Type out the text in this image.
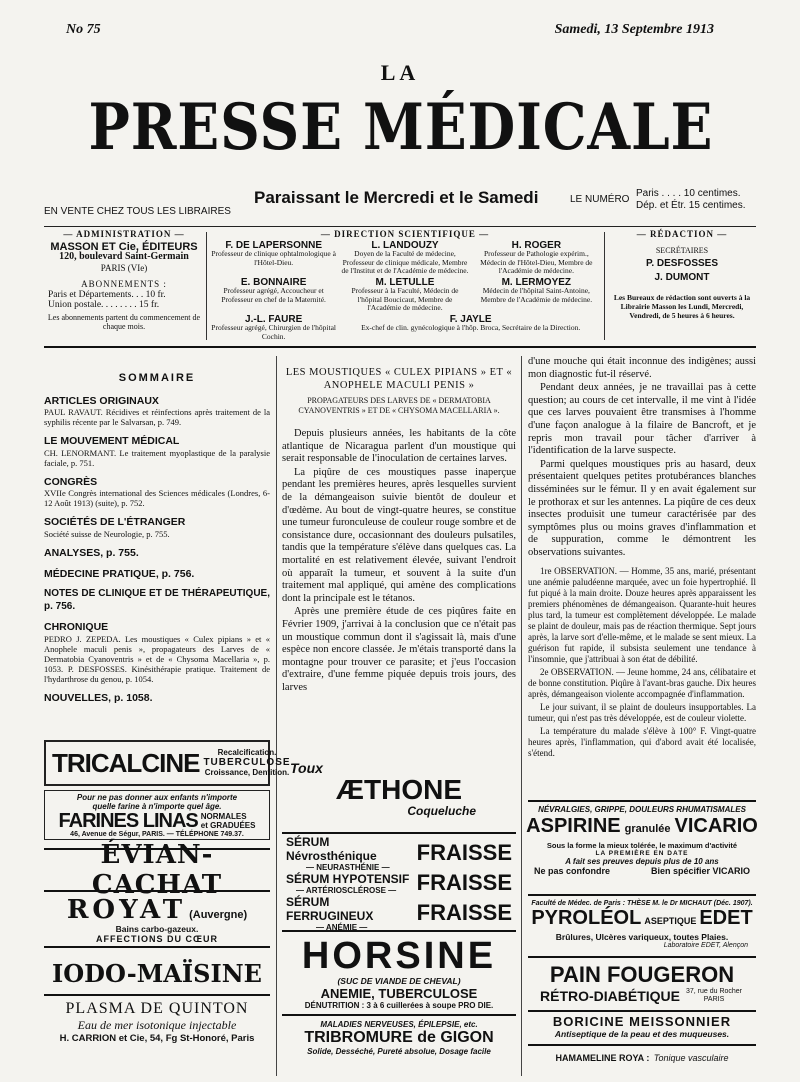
No 75	Samedi, 13 Septembre 1913
LA
PRESSE MÉDICALE
Paraissant le Mercredi et le Samedi
EN VENTE CHEZ TOUS LES LIBRAIRES
LE NUMÉRO
Paris . . . . 10 centimes.
Dép. et Étr. 15 centimes.
— ADMINISTRATION —
MASSON ET Cie, ÉDITEURS
120, boulevard Saint-Germain
PARIS (VIe)
ABONNEMENTS :
Paris et Départements. . . 10 fr.
Union postale. . . . . . . . 15 fr.
Les abonnements partent du commencement de chaque mois.
— DIRECTION SCIENTIFIQUE —
F. DE LAPERSONNE
Professeur de clinique ophtalmologique à l'Hôtel-Dieu.
L. LANDOUZY
Doyen de la Faculté de médecine, Professeur de clinique médicale, Membre de l'Institut et de l'Académie de médecine.
H. ROGER
Professeur de Pathologie expérim., Médecin de l'Hôtel-Dieu, Membre de l'Académie de médecine.
E. BONNAIRE
Professeur agrégé, Accoucheur et Professeur en chef de la Maternité.
M. LETULLE
Professeur à la Faculté, Médecin de l'hôpital Boucicaut, Membre de l'Académie de médecine.
M. LERMOYEZ
Médecin de l'hôpital Saint-Antoine, Membre de l'Académie de médecine.
J.-L. FAURE
Professeur agrégé, Chirurgien de l'hôpital Cochin.
F. JAYLE
Ex-chef de clin. gynécologique à l'hôp. Broca, Secrétaire de la Direction.
— RÉDACTION —
SECRÉTAIRES
P. DESFOSSES
J. DUMONT
Les Bureaux de rédaction sont ouverts à la Librairie Masson les Lundi, Mercredi, Vendredi, de 5 heures à 6 heures.
SOMMAIRE
ARTICLES ORIGINAUX
PAUL RAVAUT. Récidives et réinfections après traitement de la syphilis récente par le Salvarsan, p. 749.
LE MOUVEMENT MÉDICAL
CH. LENORMANT. Le traitement myoplastique de la paralysie faciale, p. 751.
CONGRÈS
XVIIe Congrès international des Sciences médicales (Londres, 6-12 Août 1913) (suite), p. 752.
SOCIÉTÉS DE L'ÉTRANGER
Société suisse de Neurologie, p. 755.
ANALYSES, p. 755.
MÉDECINE PRATIQUE, p. 756.
NOTES DE CLINIQUE ET DE THÉRAPEUTIQUE, p. 756.
CHRONIQUE
PEDRO J. ZEPEDA. Les moustiques « Culex pipians » et « Anophele maculi penis », propagateurs des Larves de « Dermatobia Cyanoventris » et de « Chysoma Macellaria », p. 1053. P. DESFOSSES. Kinésithérapie pratique. Traitement de l'hydarthrose du genou, p. 1054.
NOUVELLES, p. 1058.
LES MOUSTIQUES « CULEX PIPIANS » ET « ANOPHELE MACULI PENIS »
PROPAGATEURS DES LARVES DE « DERMATOBIA CYANOVENTRIS » ET DE « CHYSOMA MACELLARIA ».

Depuis plusieurs années, les habitants de la côte atlantique de Nicaragua parlent d'un moustique qui serait responsable de l'inoculation de certaines larves.

La piqûre de ces moustiques passe inaperçue pendant les premières heures, après lesquelles survient de la démangeaison suivie bientôt de douleur et d'œdème. Au bout de vingt-quatre heures, se constitue une tumeur furonculeuse de couleur rouge sombre et de consistance dure, occasionnant des douleurs pulsatiles, tandis que la température s'élève dans quelques cas. La mortalité en est relativement élevée, suivant l'endroit où apparaît la tumeur, et souvent à la suite d'un traitement mal appliqué, qui amène des complications dont la principale est le tétanos.

Après une première étude de ces piqûres faite en Février 1909, j'arrivai à la conclusion que ce n'était pas un moustique commun dont il s'agissait là, mais d'une espèce non encore classée. Je m'étais transporté dans la montagne pour trouver ce parasite; et j'eus l'occasion d'extraire, d'une femme piquée depuis trois jours, des larves

d'une mouche qui était inconnue des indigènes; aussi mon diagnostic fut-il réservé.

Pendant deux années, je ne travaillai pas à cette question; au cours de cet intervalle, il me vint à l'idée que ces larves pouvaient être transmises à l'homme d'une façon analogue à la filaire de Bancroft, et je repris mon travail pour tâcher d'arriver à l'identification de la larve suspecte.

Parmi quelques moustiques pris au hasard, deux présentaient quelques petites protubérances blanches disséminées sur le fémur. Il y en avait également sur le prothorax et sur les antennes. La piqûre de ces deux insectes produisit une tumeur caractérisée par des symptômes plus ou moins graves d'inflammation et de suppuration, comme le démontrent les observations suivantes.

1re OBSERVATION. — Homme, 35 ans, marié, présentant une anémie paludéenne marquée, avec un foie hypertrophié. Il fut piqué à la main droite. Douze heures après apparaissent les premiers phénomènes de démangeaison. Quarante-huit heures plus tard, la tumeur est complètement développée. Le malade se plaint de douleur, mais pas de réaction thermique. Sept jours après, la larve sort d'elle-même, et le malade se sent mieux. La guérison fut rapide, il subsista seulement une tendance à l'insomnie, que j'attribuai à son état de débilité.

2e OBSERVATION. — Jeune homme, 24 ans, célibataire et de bonne constitution. Piqûre à l'avant-bras gauche. Dix heures après, démangeaison violente accompagnée d'inflammation.

Le jour suivant, il se plaint de douleurs insupportables. La tumeur, qui n'est pas très développée, est de couleur violette.

La température du malade s'élève à 100° F. Vingt-quatre heures après, l'inflammation, qui d'abord avait été localisée, s'étend.

TRICALCINE	Recalcification.
TUBERCULOSE
Croissance, Dentition.
Pour ne pas donner aux enfants n'importe
quelle farine à n'importe quel âge.
FARINES LINAS NORMALES
et GRADUÉES
46, Avenue de Ségur, PARIS. — TÉLÉPHONE 749.37.
ÉVIAN-CACHAT
ROYAT (Auvergne)
Bains carbo-gazeux.
AFFECTIONS DU CŒUR
IODO-MAÏSINE
PLASMA DE QUINTON
Eau de mer isotonique injectable
H. CARRION et Cie, 54, Fg St-Honoré, Paris
Toux
ÆTHONE
Coqueluche
SÉRUM Névrosthénique
— NEURASTHÉNIE —
FRAISSE
SÉRUM HYPOTENSIF
— ARTÉRIOSCLÉROSE — FRAISSE
SÉRUM FERRUGINEUX
— ANÉMIE —
FRAISSE
HORSINE
(SUC DE VIANDE DE CHEVAL)
ANEMIE, TUBERCULOSE
DÉNUTRITION : 3 à 6 cuillerées à soupe PRO DIE.
MALADIES NERVEUSES, ÉPILEPSIE, etc.
TRIBROMURE de GIGON
Solide, Desséché, Pureté absolue, Dosage facile
NÉVRALGIES, GRIPPE, DOULEURS RHUMATISMALES
ASPIRINE granulée VICARIO
Sous la forme la mieux tolérée, le maximum d'activité
LA PREMIÈRE EN DATE
A fait ses preuves depuis plus de 10 ans
Ne pas confondre	Bien spécifier VICARIO
Faculté de Médec. de Paris : THÈSE M. le Dr MICHAUT (Déc. 1907).
PYROLÉOL ASEPTIQUE EDET
Brûlures, Ulcères variqueux, toutes Plaies.
Laboratoire EDET, Alençon
PAIN FOUGERON
RÉTRO-DIABÉTIQUE 37, rue du Rocher PARIS
BORICINE MEISSONNIER
Antiseptique de la peau et des muqueuses.
HAMAMELINE ROYA : Tonique vasculaire
